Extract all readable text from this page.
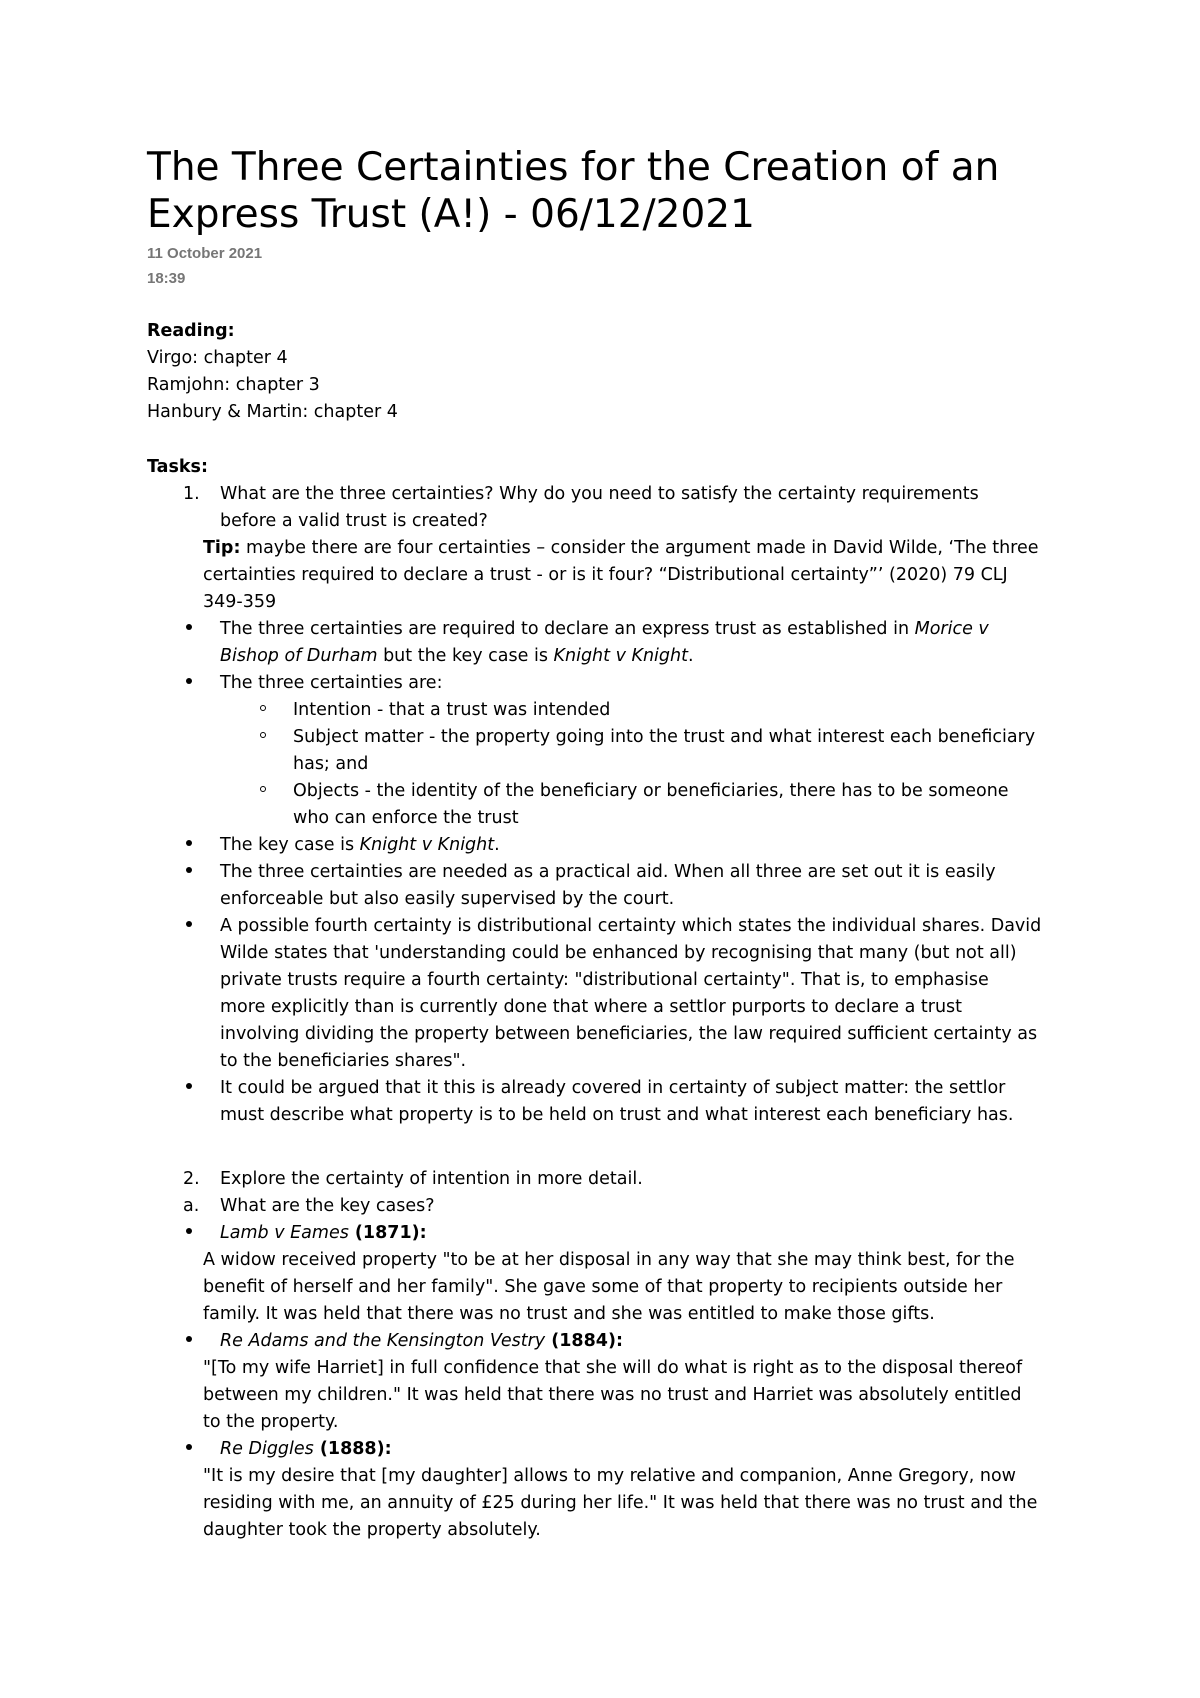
The Three Certainties for the Creation of an
Express Trust (A!) - 06/12/2021
11 October 2021
18:39
Reading:
Virgo: chapter 4
Ramjohn: chapter 3
Hanbury & Martin: chapter 4
Tasks:
1. What are the three certainties? Why do you need to satisfy the certainty requirements
before a valid trust is created?
Tip: maybe there are four certainties – consider the argument made in David Wilde, ‘The three
certainties required to declare a trust - or is it four? “Distributional certainty”’ (2020) 79 CLJ
349-359
The three certainties are required to declare an express trust as established in Morice v
Bishop of Durham but the key case is Knight v Knight.
The three certainties are:
Intention - that a trust was intended
Subject matter - the property going into the trust and what interest each beneficiary
has; and
Objects - the identity of the beneficiary or beneficiaries, there has to be someone
who can enforce the trust
The key case is Knight v Knight.
The three certainties are needed as a practical aid. When all three are set out it is easily
enforceable but also easily supervised by the court.
A possible fourth certainty is distributional certainty which states the individual shares. David
Wilde states that 'understanding could be enhanced by recognising that many (but not all)
private trusts require a fourth certainty: "distributional certainty". That is, to emphasise
more explicitly than is currently done that where a settlor purports to declare a trust
involving dividing the property between beneficiaries, the law required sufficient certainty as
to the beneficiaries shares".
It could be argued that it this is already covered in certainty of subject matter: the settlor
must describe what property is to be held on trust and what interest each beneficiary has.
2. Explore the certainty of intention in more detail.
a. What are the key cases?
Lamb v Eames (1871):
A widow received property "to be at her disposal in any way that she may think best, for the
benefit of herself and her family". She gave some of that property to recipients outside her
family. It was held that there was no trust and she was entitled to make those gifts.
Re Adams and the Kensington Vestry (1884):
"[To my wife Harriet] in full confidence that she will do what is right as to the disposal thereof
between my children." It was held that there was no trust and Harriet was absolutely entitled
to the property.
Re Diggles (1888):
"It is my desire that [my daughter] allows to my relative and companion, Anne Gregory, now
residing with me, an annuity of £25 during her life." It was held that there was no trust and the
daughter took the property absolutely.
